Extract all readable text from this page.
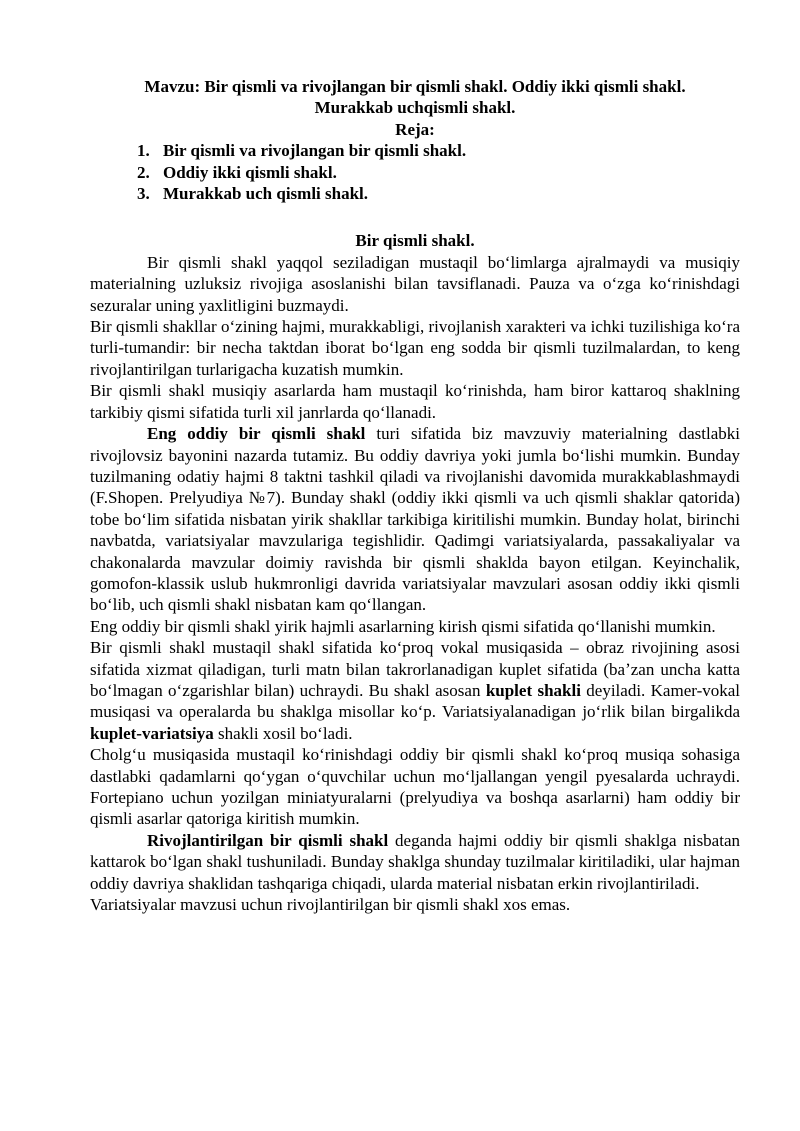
Mavzu: Bir qismli va rivojlangan bir qismli shakl. Oddiy ikki qismli shakl.
Murakkab uchqismli shakl.
Reja:
1. Bir qismli va rivojlangan bir qismli shakl.
2. Oddiy ikki qismli shakl.
3. Murakkab uch qismli shakl.
Bir qismli shakl.

Bir qismli shakl yaqqol seziladigan mustaqil boʻlimlarga ajralmaydi va musiqiy materialning uzluksiz rivojiga asoslanishi bilan tavsiflanadi. Pauza va oʻzga koʻrinishdagi sezuralar uning yaxlitligini buzmaydi.

Bir qismli shakllar oʻzining hajmi, murakkabligi, rivojlanish xarakteri va ichki tuzilishiga koʻra turli-tumandir: bir necha taktdan iborat boʻlgan eng sodda bir qismli tuzilmalardan, to keng rivojlantirilgan turlarigacha kuzatish mumkin.

Bir qismli shakl musiqiy asarlarda ham mustaqil koʻrinishda, ham biror kattaroq shaklning tarkibiy qismi sifatida turli xil janrlarda qoʻllanadi.

Eng oddiy bir qismli shakl turi sifatida biz mavzuviy materialning dastlabki rivojlovsiz bayonini nazarda tutamiz. Bu oddiy davriya yoki jumla boʻlishi mumkin. Bunday tuzilmaning odatiy hajmi 8 taktni tashkil qiladi va rivojlanishi davomida murakkablashmaydi (F.Shopen. Prelyudiya №7). Bunday shakl (oddiy ikki qismli va uch qismli shaklar qatorida) tobe boʻlim sifatida nisbatan yirik shakllar tarkibiga kiritilishi mumkin. Bunday holat, birinchi navbatda, variatsiyalar mavzulariga tegishlidir. Qadimgi variatsiyalarda, passakaliyalar va chakonalarda mavzular doimiy ravishda bir qismli shaklda bayon etilgan. Keyinchalik, gomofon-klassik uslub hukmronligi davrida variatsiyalar mavzulari asosan oddiy ikki qismli boʻlib, uch qismli shakl nisbatan kam qoʻllangan.

Eng oddiy bir qismli shakl yirik hajmli asarlarning kirish qismi sifatida qoʻllanishi mumkin.

Bir qismli shakl mustaqil shakl sifatida koʻproq vokal musiqasida – obraz rivojining asosi sifatida xizmat qiladigan, turli matn bilan takrorlanadigan kuplet sifatida (baʼzan uncha katta boʻlmagan oʻzgarishlar bilan) uchraydi. Bu shakl asosan kuplet shakli deyiladi. Kamer-vokal musiqasi va operalarda bu shaklga misollar koʻp. Variatsiyalanadigan joʻrlik bilan birgalikda kuplet-variatsiya shakli xosil boʻladi.

Cholgʻu musiqasida mustaqil koʻrinishdagi oddiy bir qismli shakl koʻproq musiqa sohasiga dastlabki qadamlarni qoʻygan oʻquvchilar uchun moʻljallangan yengil pyesalarda uchraydi. Fortepiano uchun yozilgan miniatyuralarni (prelyudiya va boshqa asarlarni) ham oddiy bir qismli asarlar qatoriga kiritish mumkin.

Rivojlantirilgan bir qismli shakl deganda hajmi oddiy bir qismli shaklga nisbatan kattarok boʻlgan shakl tushuniladi. Bunday shaklga shunday tuzilmalar kiritiladiki, ular hajman oddiy davriya shaklidan tashqariga chiqadi, ularda material nisbatan erkin rivojlantiriladi.

Variatsiyalar mavzusi uchun rivojlantirilgan bir qismli shakl xos emas.
